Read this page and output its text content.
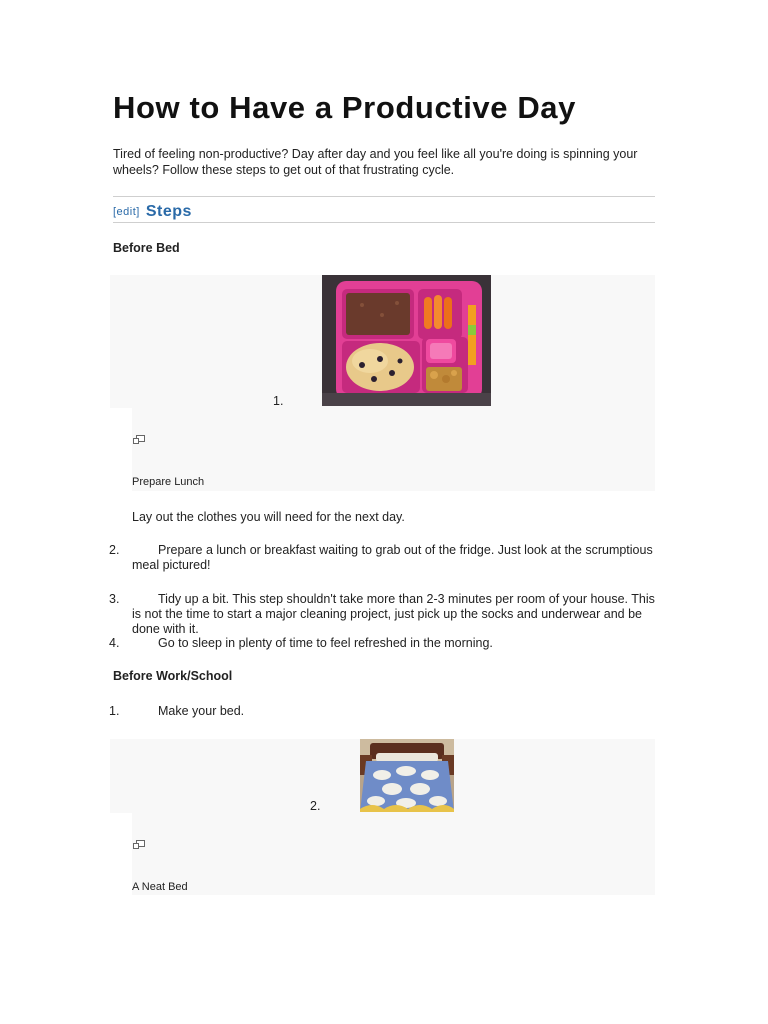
How to Have a Productive Day
Tired of feeling non-productive? Day after day and you feel like all you're doing is spinning your wheels? Follow these steps to get out of that frustrating cycle.
[edit] Steps
Before Bed
1.
Prepare Lunch
Lay out the clothes you will need for the next day.
2.	Prepare a lunch or breakfast waiting to grab out of the fridge. Just look at the scrumptious meal pictured!
3.	Tidy up a bit. This step shouldn't take more than 2-3 minutes per room of your house. This is not the time to start a major cleaning project, just pick up the socks and underwear and be done with it.
4.	Go to sleep in plenty of time to feel refreshed in the morning.
Before Work/School
1.	Make your bed.
2.
A Neat Bed
